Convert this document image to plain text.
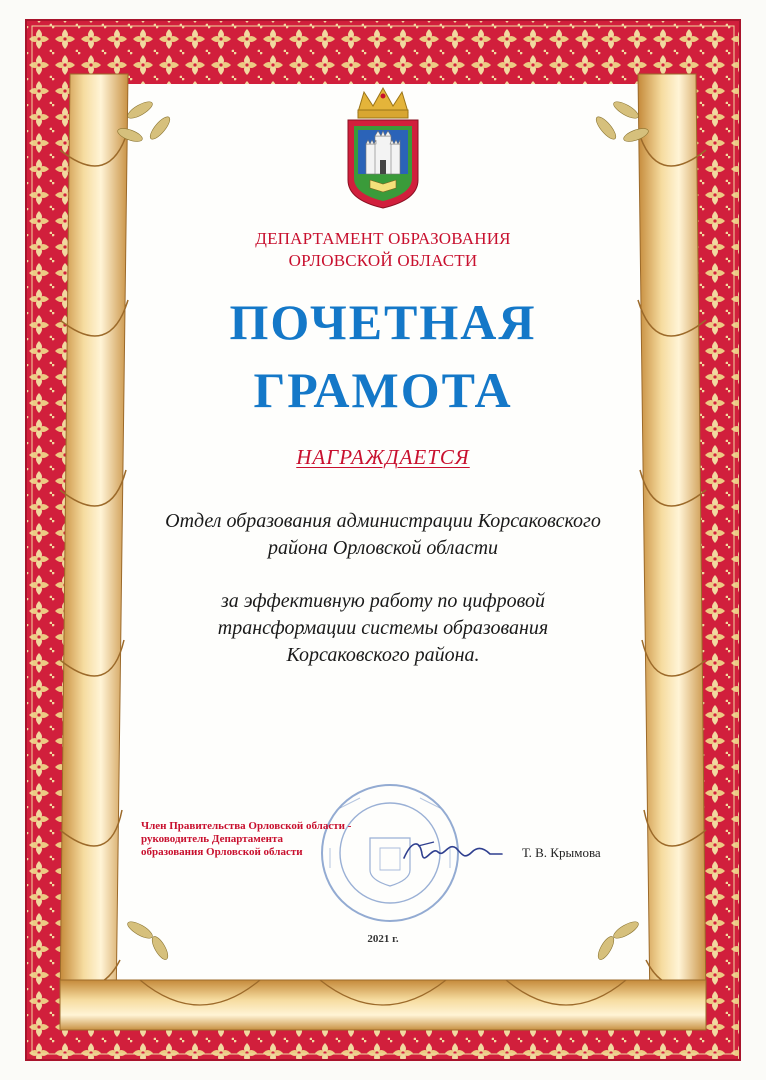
ДЕПАРТАМЕНТ ОБРАЗОВАНИЯ
ОРЛОВСКОЙ ОБЛАСТИ
ПОЧЕТНАЯ
ГРАМОТА
НАГРАЖДАЕТСЯ
Отдел образования администрации Корсаковского
района Орловской области
за эффективную работу по цифровой
трансформации системы образования
Корсаковского района.
Член Правительства Орловской области -
руководитель Департамента
образования Орловской области	Т. В. Крымова
2021 г.
